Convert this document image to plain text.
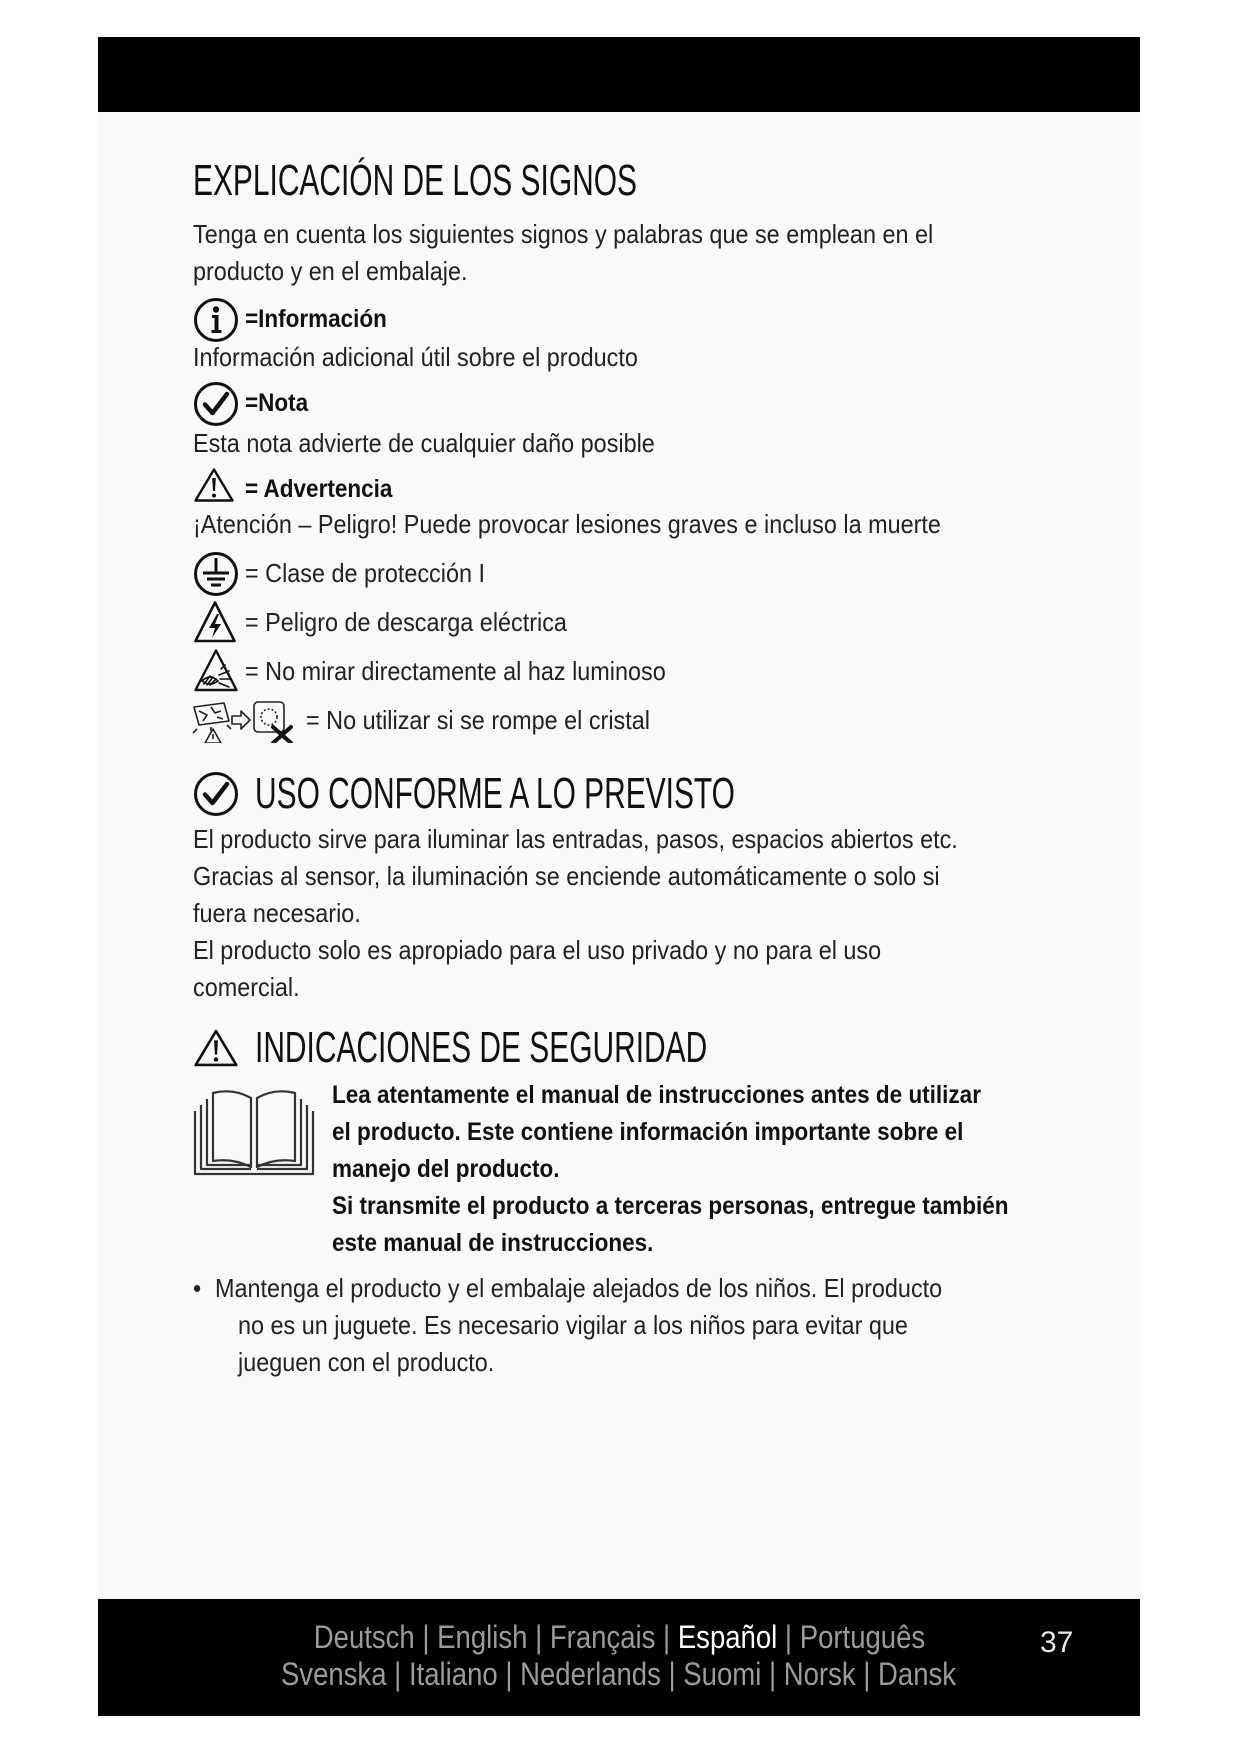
EXPLICACIÓN DE LOS SIGNOS
Tenga en cuenta los siguientes signos y palabras que se emplean en el
producto y en el embalaje.
=Información
Información adicional útil sobre el producto
=Nota
Esta nota advierte de cualquier daño posible
= Advertencia
¡Atención – Peligro! Puede provocar lesiones graves e incluso la muerte
= Clase de protección I
= Peligro de descarga eléctrica
= No mirar directamente al haz luminoso
= No utilizar si se rompe el cristal
USO CONFORME A LO PREVISTO
El producto sirve para iluminar las entradas, pasos, espacios abiertos etc.
Gracias al sensor, la iluminación se enciende automáticamente o solo si
fuera necesario.
El producto solo es apropiado para el uso privado y no para el uso
comercial.
INDICACIONES DE SEGURIDAD
Lea atentamente el manual de instrucciones antes de utilizar
el producto. Este contiene información importante sobre el
manejo del producto.
Si transmite el producto a terceras personas, entregue también
este manual de instrucciones.
• Mantenga el producto y el embalaje alejados de los niños. El producto
no es un juguete. Es necesario vigilar a los niños para evitar que
jueguen con el producto.
Deutsch | English | Français | Español | Português
Svenska | Italiano | Nederlands | Suomi | Norsk | Dansk
37
